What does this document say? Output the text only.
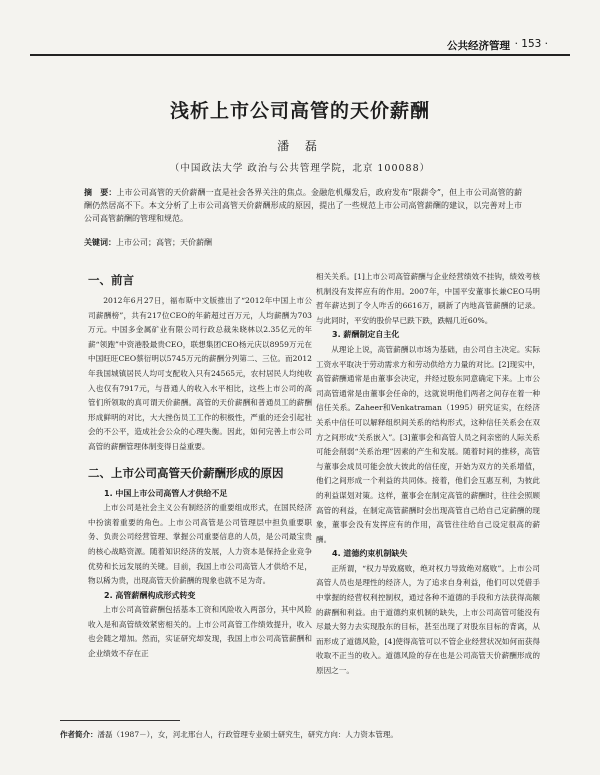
公共经济管理 · 153 ·
浅析上市公司高管的天价薪酬
潘 磊
（中国政法大学 政治与公共管理学院，北京 100088）
摘　要：上市公司高管的天价薪酬一直是社会各界关注的焦点。金融危机爆发后，政府发布“限薪令”，但上市公司高管的薪酬仍然居高不下。本文分析了上市公司高管天价薪酬形成的原因，提出了一些规范上市公司高管薪酬的建议，以完善对上市公司高管薪酬的管理和规范。
关键词：上市公司；高管；天价薪酬
一、前言

2012年6月27日，福布斯中文版推出了“2012年中国上市公司薪酬榜”，共有217位CEO的年薪超过百万元，人均薪酬为703万元。中国多金属矿业有限公司行政总裁朱晓林以2.35亿元的年薪“领跑”中资港股最贵CEO，联想集团CEO杨元庆以8959万元在中国旺旺CEO蔡衍明以5745万元的薪酬分列第二、三位。而2012年我国城镇居民人均可支配收入只有24565元，农村居民人均纯收入也仅有7917元，与普通人的收入水平相比，这些上市公司的高管们所领取的真可谓天价薪酬。高管的天价薪酬和普通员工的薪酬形成鲜明的对比，大大挫伤员工工作的积极性，严重的还会引起社会的不公平，造成社会公众的心理失衡。因此，如何完善上市公司高管的薪酬管理体制变得日益重要。

二、上市公司高管天价薪酬形成的原因
1. 中国上市公司高管人才供给不足

上市公司是社会主义公有制经济的重要组成形式，在国民经济中扮演着重要的角色。上市公司高管是公司管理层中担负重要职务、负责公司经营管理、掌握公司重要信息的人员，是公司最宝贵的核心战略资源。随着知识经济的发展，人力资本是保持企业竞争优势和长远发展的关键。目前，我国上市公司高管人才供给不足，物以稀为贵，出现高管天价薪酬的现象也就不足为奇。

2. 高管薪酬构成形式转变

上市公司高管薪酬包括基本工资和风险收入两部分，其中风险收入是和高管绩效紧密相关的。上市公司高管工作绩效提升，收入也会随之增加。然而，实证研究却发现，我国上市公司高管薪酬和企业绩效不存在正

相关关系。[1]上市公司高管薪酬与企业经营绩效不挂钩，绩效考核机制没有发挥应有的作用。2007年，中国平安董事长兼CEO马明哲年薪达到了令人咋舌的6616万，刷新了内地高管薪酬的记录。与此同时，平安的股价早已跌下跌，跌幅几近60%。

3. 薪酬制定自主化

从理论上说，高管薪酬以市场为基础，由公司自主决定。实际工资水平取决于劳动需求方和劳动供给方力量的对比。[2]现实中，高管薪酬通常是由董事会决定，并经过股东同意确定下来。上市公司高管通常是由董事会任命的，这就说明他们两者之间存在着一种信任关系。Zaheer和Venkatraman（1995）研究证实，在经济关系中信任可以解释组织间关系的结构形式，这种信任关系会在双方之间形成“关系嵌入”。[3]董事会和高管人员之间亲密的人际关系可能会削弱“关系治理”因素的产生和发展。随着时间的推移，高管与董事会成员可能会放大彼此的信任度，开始为双方的关系增值，他们之间形成一个利益的共同体。接着，他们会互惠互利，为彼此的利益谋划对策。这样，董事会在制定高管的薪酬时，往往会照顾高管的利益，在制定高管薪酬时会出现高管自己给自己定薪酬的现象，董事会没有发挥应有的作用，高管往往给自己设定很高的薪酬。

4. 道德约束机制缺失

正所谓，“权力导致腐败，绝对权力导致绝对腐败”。上市公司高管人员也是理性的经济人，为了追求自身利益，他们可以凭借手中掌握的经营权利控制权，通过各种不道德的手段和方法获得高额的薪酬和利益。由于道德约束机制的缺失，上市公司高管可能没有尽最大努力去实现股东的目标，甚至出现了对股东目标的背离，从而形成了道德风险，[4]使得高管可以不管企业经营状况如何而获得收取不正当的收入。道德风险的存在也是公司高管天价薪酬形成的原因之一。

作者简介：潘磊（1987－），女，河北邢台人，行政管理专业硕士研究生，研究方向：人力资本管理。
